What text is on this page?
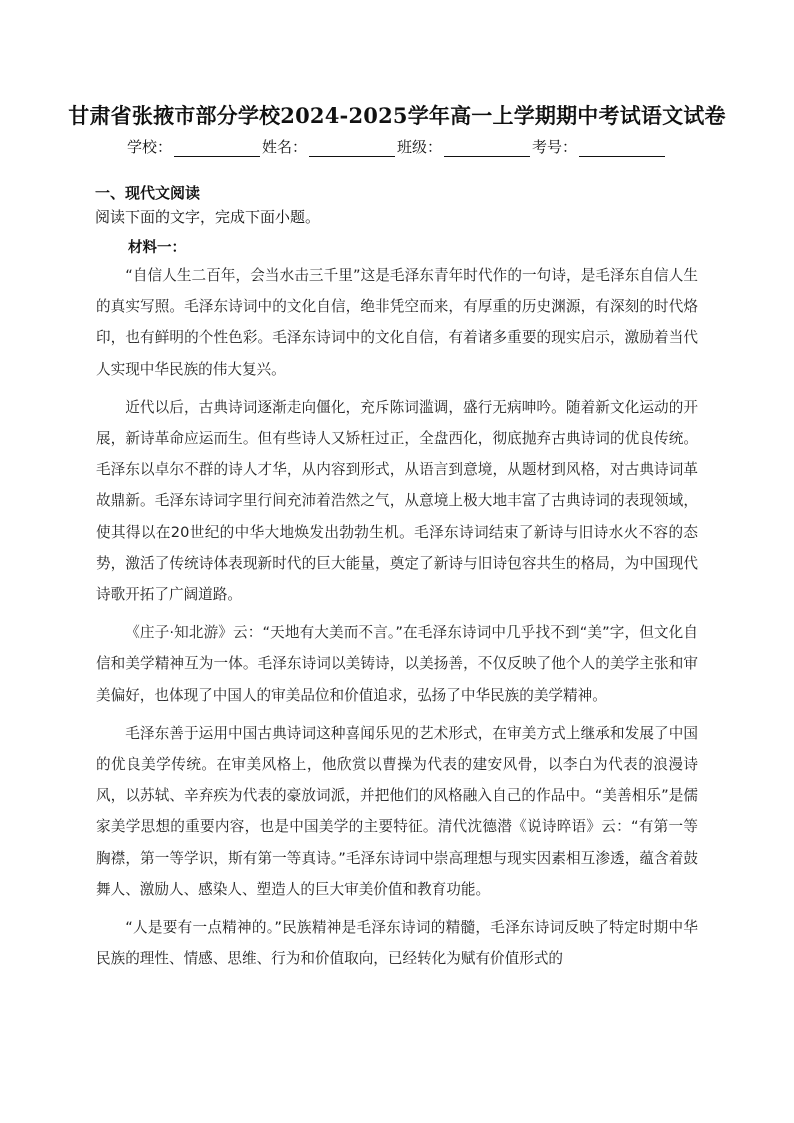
甘肃省张掖市部分学校2024-2025学年高一上学期期中考试语文试卷
学校：	姓名：	班级：	考号：
一、现代文阅读

阅读下面的文字，完成下面小题。

材料一：

“自信人生二百年，会当水击三千里”这是毛泽东青年时代作的一句诗，是毛泽东自信人生的真实写照。毛泽东诗词中的文化自信，绝非凭空而来，有厚重的历史渊源，有深刻的时代烙印，也有鲜明的个性色彩。毛泽东诗词中的文化自信，有着诸多重要的现实启示，激励着当代人实现中华民族的伟大复兴。

近代以后，古典诗词逐渐走向僵化，充斥陈词滥调，盛行无病呻吟。随着新文化运动的开展，新诗革命应运而生。但有些诗人又矫枉过正，全盘西化，彻底抛弃古典诗词的优良传统。毛泽东以卓尔不群的诗人才华，从内容到形式，从语言到意境，从题材到风格，对古典诗词革故鼎新。毛泽东诗词字里行间充沛着浩然之气，从意境上极大地丰富了古典诗词的表现领域，使其得以在20世纪的中华大地焕发出勃勃生机。毛泽东诗词结束了新诗与旧诗水火不容的态势，激活了传统诗体表现新时代的巨大能量，奠定了新诗与旧诗包容共生的格局，为中国现代诗歌开拓了广阔道路。

《庄子·知北游》云：“天地有大美而不言。”在毛泽东诗词中几乎找不到“美”字，但文化自信和美学精神互为一体。毛泽东诗词以美铸诗，以美扬善，不仅反映了他个人的美学主张和审美偏好，也体现了中国人的审美品位和价值追求，弘扬了中华民族的美学精神。

毛泽东善于运用中国古典诗词这种喜闻乐见的艺术形式，在审美方式上继承和发展了中国的优良美学传统。在审美风格上，他欣赏以曹操为代表的建安风骨，以李白为代表的浪漫诗风，以苏轼、辛弃疾为代表的豪放词派，并把他们的风格融入自己的作品中。“美善相乐”是儒家美学思想的重要内容，也是中国美学的主要特征。清代沈德潜《说诗晬语》云：“有第一等胸襟，第一等学识，斯有第一等真诗。”毛泽东诗词中崇高理想与现实因素相互渗透，蕴含着鼓舞人、激励人、感染人、塑造人的巨大审美价值和教育功能。

“人是要有一点精神的。”民族精神是毛泽东诗词的精髓，毛泽东诗词反映了特定时期中华民族的理性、情感、思维、行为和价值取向，已经转化为赋有价值形式的
